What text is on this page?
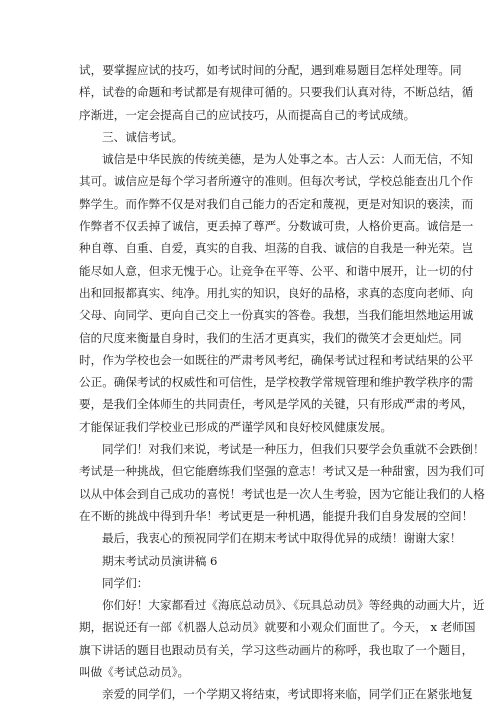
试，要掌握应试的技巧，如考试时间的分配，遇到难易题目怎样处理等。同
样，试卷的命题和考试都是有规律可循的。只要我们认真对待，不断总结，循
序渐进，一定会提高自己的应试技巧，从而提高自己的考试成绩。
三、诚信考试。
诚信是中华民族的传统美德，是为人处事之本。古人云：人而无信，不知
其可。诚信应是每个学习者所遵守的准则。但每次考试，学校总能查出几个作
弊学生。而作弊不仅是对我们自己能力的否定和蔑视，更是对知识的亵渎，而
作弊者不仅丢掉了诚信，更丢掉了尊严。分数诚可贵，人格价更高。诚信是一
种自尊、自重、自爱，真实的自我、坦荡的自我、诚信的自我是一种光荣。岂
能尽如人意，但求无愧于心。让竞争在平等、公平、和谐中展开，让一切的付
出和回报都真实、纯净。用扎实的知识，良好的品格，求真的态度向老师、向
父母、向同学、更向自己交上一份真实的答卷。我想，当我们能坦然地运用诚
信的尺度来衡量自身时，我们的生活才更真实，我们的微笑才会更灿烂。同
时，作为学校也会一如既往的严肃考风考纪，确保考试过程和考试结果的公平
公正。确保考试的权威性和可信性，是学校教学常规管理和维护教学秩序的需
要，是我们全体师生的共同责任，考风是学风的关键，只有形成严肃的考风，
才能保证我们学校业已形成的严谨学风和良好校风健康发展。
同学们！对我们来说，考试是一种压力，但我们只要学会负重就不会跌倒！
考试是一种挑战，但它能磨练我们坚强的意志！考试又是一种甜蜜，因为我们可
以从中体会到自己成功的喜悦！考试也是一次人生考验，因为它能让我们的人格
在不断的挑战中得到升华！考试更是一种机遇，能提升我们自身发展的空间！
最后，我衷心的预祝同学们在期末考试中取得优异的成绩！谢谢大家！
期末考试动员演讲稿 6
同学们：
你们好！大家都看过《海底总动员》、《玩具总动员》等经典的动画大片，近
期，据说还有一部《机器人总动员》就要和小观众们面世了。今天， x 老师国
旗下讲话的题目也跟动员有关，学习这些动画片的称呼，我也取了一个题目，
叫做《考试总动员》。
亲爱的同学们，一个学期又将结束，考试即将来临，同学们正在紧张地复
